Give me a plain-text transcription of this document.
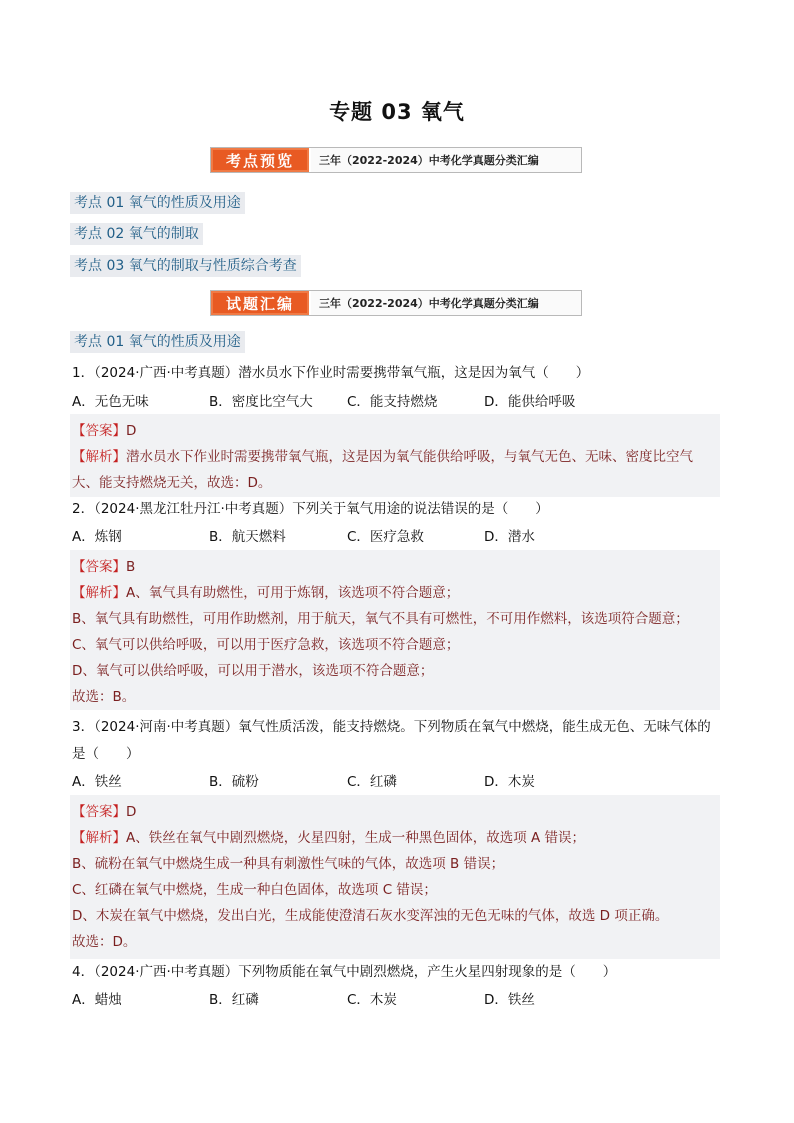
专题 03 氧气
考点预览	三年（2022-2024）中考化学真题分类汇编
考点 01 氧气的性质及用途
考点 02 氧气的制取
考点 03 氧气的制取与性质综合考查
试题汇编	三年（2022-2024）中考化学真题分类汇编
考点 01 氧气的性质及用途
1．（2024·广西·中考真题）潜水员水下作业时需要携带氧气瓶，这是因为氧气（　　）
A．无色无味	B．密度比空气大	C．能支持燃烧	D．能供给呼吸
【答案】D
【解析】潜水员水下作业时需要携带氧气瓶，这是因为氧气能供给呼吸，与氧气无色、无味、密度比空气
大、能支持燃烧无关，故选：D。
2．（2024·黑龙江牡丹江·中考真题）下列关于氧气用途的说法错误的是（　　）
A．炼钢	B．航天燃料	C．医疗急救	D．潜水
【答案】B
【解析】A、氧气具有助燃性，可用于炼钢，该选项不符合题意；
B、氧气具有助燃性，可用作助燃剂，用于航天，氧气不具有可燃性，不可用作燃料，该选项符合题意；
C、氧气可以供给呼吸，可以用于医疗急救，该选项不符合题意；
D、氧气可以供给呼吸，可以用于潜水，该选项不符合题意；
故选：B。
3．（2024·河南·中考真题）氧气性质活泼，能支持燃烧。下列物质在氧气中燃烧，能生成无色、无味气体的
是（　　）
A．铁丝	B．硫粉	C．红磷	D．木炭
【答案】D
【解析】A、铁丝在氧气中剧烈燃烧，火星四射，生成一种黑色固体，故选项 A 错误；
B、硫粉在氧气中燃烧生成一种具有刺激性气味的气体，故选项 B 错误；
C、红磷在氧气中燃烧，生成一种白色固体，故选项 C 错误；
D、木炭在氧气中燃烧，发出白光，生成能使澄清石灰水变浑浊的无色无味的气体，故选 D 项正确。
故选：D。
4．（2024·广西·中考真题）下列物质能在氧气中剧烈燃烧，产生火星四射现象的是（　　）
A．蜡烛	B．红磷	C．木炭	D．铁丝
